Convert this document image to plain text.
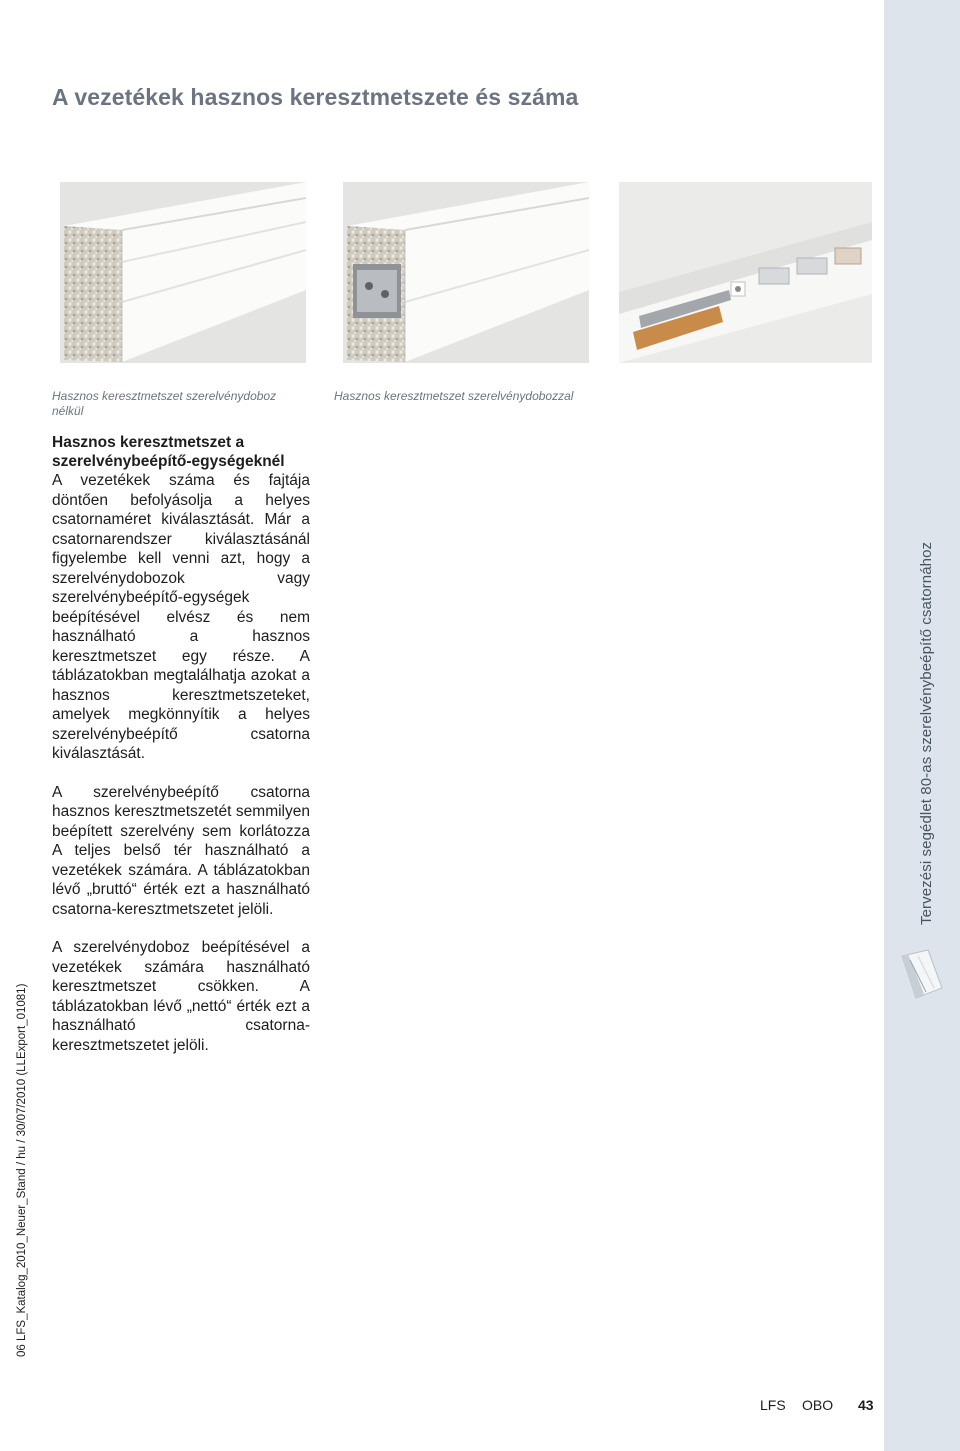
Tervezési segédlet 80-as szerelvénybeépítő csatornához
06 LFS_Katalog_2010_Neuer_Stand / hu / 30/07/2010 (LLExport_01081)
A vezetékek hasznos keresztmetszete és száma
Hasznos keresztmetszet szerelvénydoboz nélkül
Hasznos keresztmetszet szerelvénydobozzal
Hasznos keresztmetszet a szerelvénybeépítő-egységeknél

A vezetékek száma és fajtája döntően befolyásolja a helyes csatornaméret kiválasztását. Már a csatornarendszer kiválasztásánál figyelembe kell venni azt, hogy a szerelvénydobozok vagy szerelvénybeépítő-egységek beépítésével elvész és nem használható a hasznos keresztmetszet egy része. A táblázatokban megtalálhatja azokat a hasznos keresztmetszeteket, amelyek megkönnyítik a helyes szerelvénybeépítő csatorna kiválasztását.

A szerelvénybeépítő csatorna hasznos keresztmetszetét semmilyen beépített szerelvény sem korlátozza A teljes belső tér használható a vezetékek számára. A táblázatokban lévő „bruttó“ érték ezt a használható csatorna-keresztmetszetet jelöli.

A szerelvénydoboz beépítésével a vezetékek számára használható keresztmetszet csökken. A táblázatokban lévő „nettó“ érték ezt a használható csatorna-keresztmetszetet jelöli.

LFS OBO 43
